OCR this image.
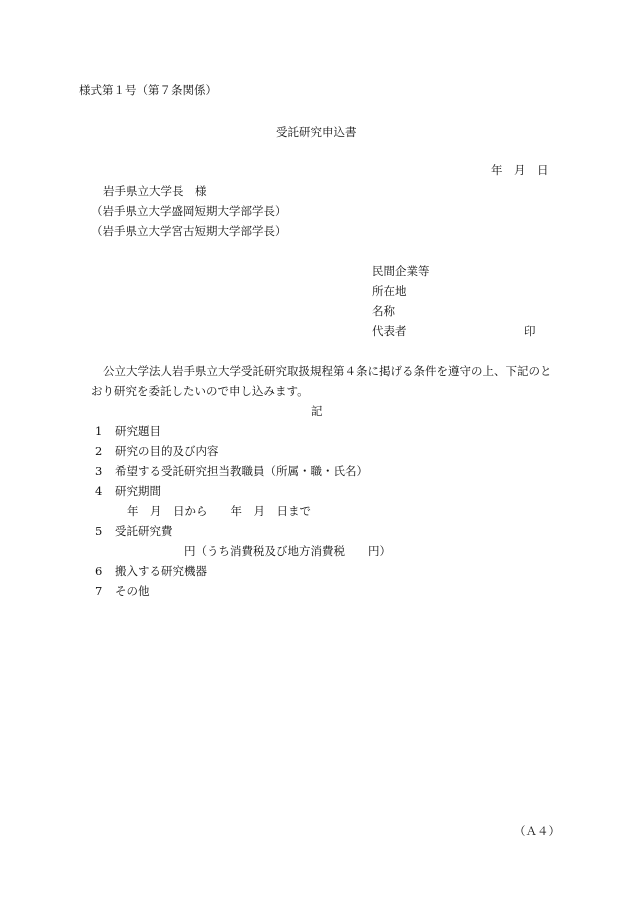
様式第１号（第７条関係）
受託研究申込書
年　月　日
岩手県立大学長　様
（岩手県立大学盛岡短期大学部学長）
（岩手県立大学宮古短期大学部学長）
民間企業等
所在地
名称
代表者	印
公立大学法人岩手県立大学受託研究取扱規程第４条に掲げる条件を遵守の上、下記のと
おり研究を委託したいので申し込みます。
記
1 研究題目
2 研究の目的及び内容
3 希望する受託研究担当教職員（所属・職・氏名）
4 研究期間
年　月　日から　　年　月　日まで
5 受託研究費
円（うち消費税及び地方消費税　　円）
6 搬入する研究機器
7 その他
（Ａ４）
